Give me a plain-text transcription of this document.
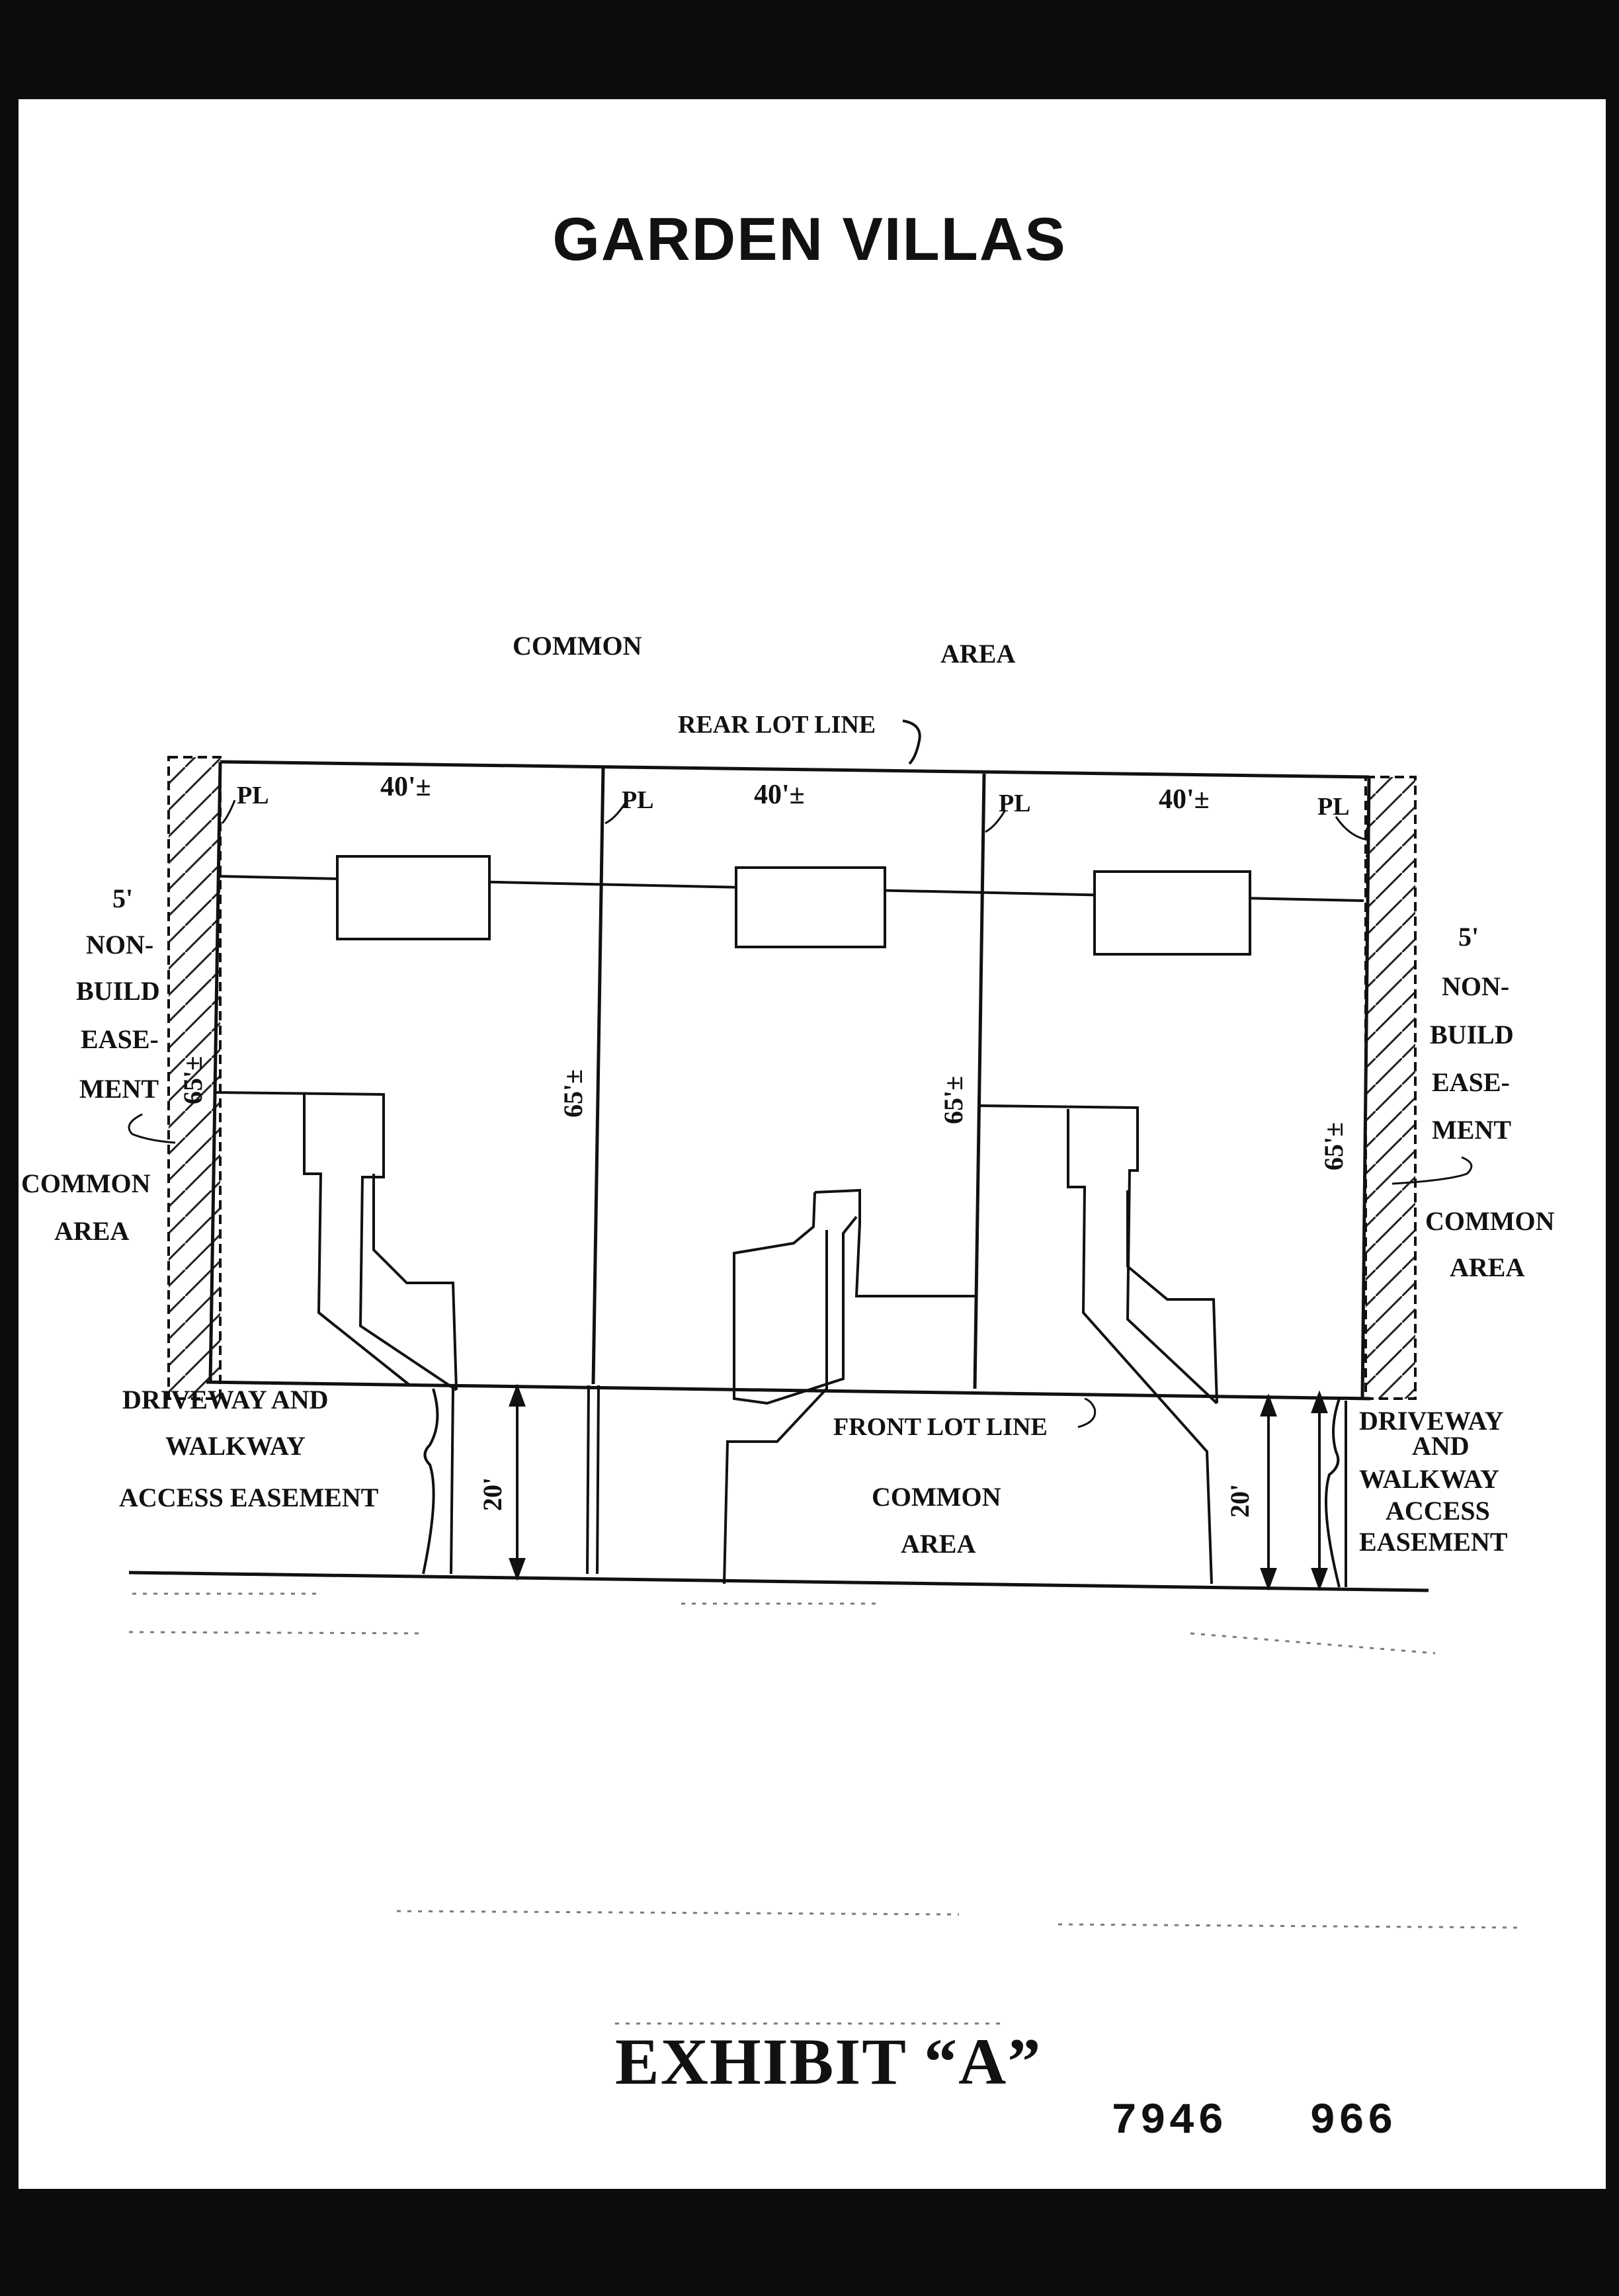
GARDEN VILLAS
COMMON	AREA
REAR LOT LINE
PL	PL	PL	PL
40'±	40'±	40'±
65'±	65'±	65'±
65'±
5'
NON-
BUILD
EASE-
MENT
COMMON
AREA
5'
NON-
BUILD
EASE-
MENT
COMMON
AREA
FRONT LOT LINE
COMMON
AREA
20'	20'
DRIVEWAY AND
WALKWAY
ACCESS EASEMENT
DRIVEWAY
AND
WALKWAY
ACCESS
EASEMENT
EXHIBIT “A”
7946 966
